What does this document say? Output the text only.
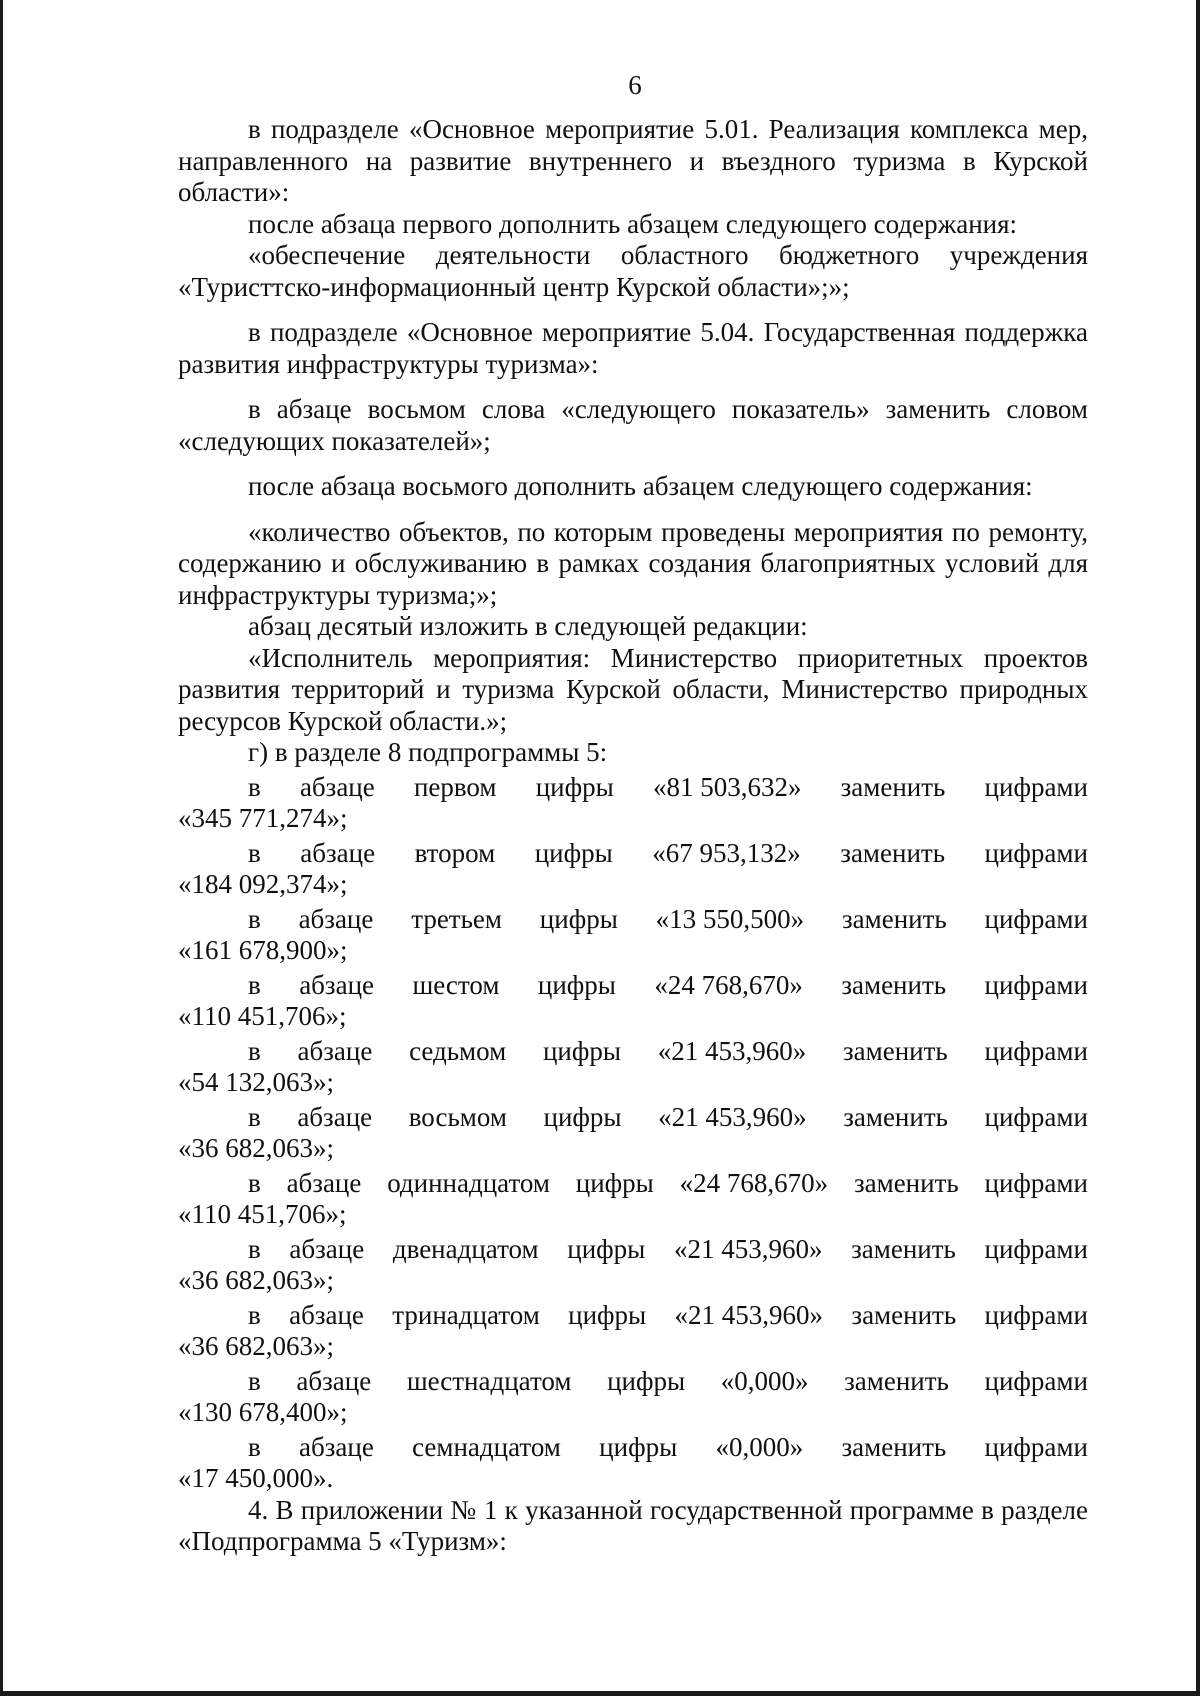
6

в подразделе «Основное мероприятие 5.01. Реализация комплекса мер, направленного на развитие внутреннего и въездного туризма в Курской области»:

после абзаца первого дополнить абзацем следующего содержания:

«обеспечение деятельности областного бюджетного учреждения «Туристтско-информационный центр Курской области»;»;

в подразделе «Основное мероприятие 5.04. Государственная поддержка развития инфраструктуры туризма»:

в абзаце восьмом слова «следующего показатель» заменить словом «следующих показателей»;

после абзаца восьмого дополнить абзацем следующего содержания:

«количество объектов, по которым проведены мероприятия по ремонту, содержанию и обслуживанию в рамках создания благоприятных условий для инфраструктуры туризма;»;

абзац десятый изложить в следующей редакции:

«Исполнитель мероприятия: Министерство приоритетных проектов развития территорий и туризма Курской области, Министерство природных ресурсов Курской области.»;

г) в разделе 8 подпрограммы 5:

в абзаце первом цифры «81 503,632» заменить цифрами
«345 771,274»;

в абзаце втором цифры «67 953,132» заменить цифрами
«184 092,374»;

в абзаце третьем цифры «13 550,500» заменить цифрами
«161 678,900»;

в абзаце шестом цифры «24 768,670» заменить цифрами
«110 451,706»;

в абзаце седьмом цифры «21 453,960» заменить цифрами
«54 132,063»;

в абзаце восьмом цифры «21 453,960» заменить цифрами
«36 682,063»;

в абзаце одиннадцатом цифры «24 768,670» заменить цифрами
«110 451,706»;

в абзаце двенадцатом цифры «21 453,960» заменить цифрами
«36 682,063»;

в абзаце тринадцатом цифры «21 453,960» заменить цифрами
«36 682,063»;

в абзаце шестнадцатом цифры «0,000» заменить цифрами
«130 678,400»;

в абзаце семнадцатом цифры «0,000» заменить цифрами
«17 450,000».

4. В приложении № 1 к указанной государственной программе в разделе «Подпрограмма 5 «Туризм»:
